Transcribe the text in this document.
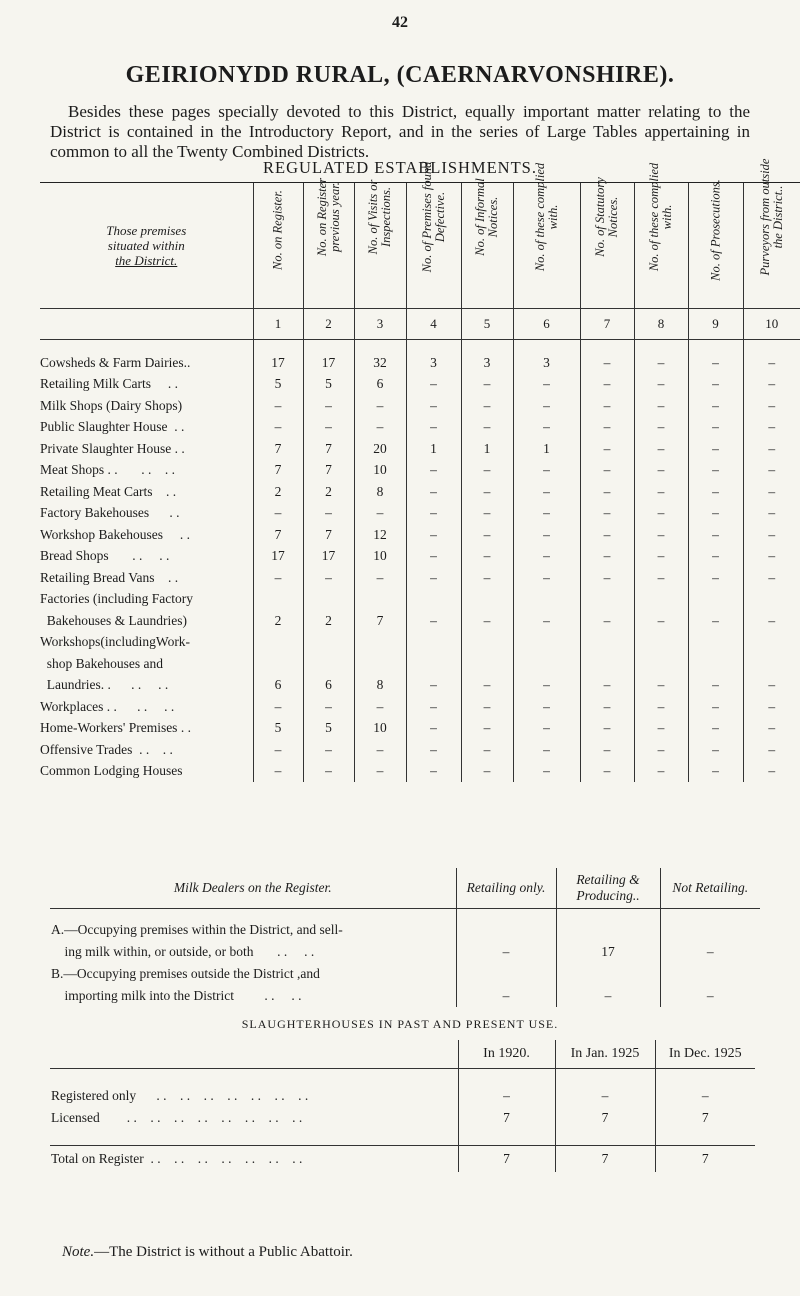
42
GEIRIONYDD RURAL, (CAERNARVONSHIRE).
Besides these pages specially devoted to this District, equally important matter relating to the District is contained in the Introductory Report, and in the series of Large Tables appertaining in common to all the Twenty Combined Districts.
REGULATED ESTABLISHMENTS.
Those premises
situated within
the District.	No. on Register.	No. on Register previous year.	No. of Visits or Inspections.	No. of Premises found Defective.	No. of Informal Notices.	No. of these complied with.	No. of Statutory Notices.	No. of these complied with.	No. of Prosecutions.	Purveyors from outside the District..

	1	2	3	4	5	6	7	8	9	10

Cowsheds & Farm Dairies..	17	17	32	3	3	3	–	–	–	–
Retailing Milk Carts     . .	5	5	6	–	–	–	–	–	–	–
Milk Shops (Dairy Shops)	–	–	–	–	–	–	–	–	–	–
Public Slaughter House  . .	–	–	–	–	–	–	–	–	–	–
Private Slaughter House . .	7	7	20	1	1	1	–	–	–	–
Meat Shops . .       . .    . .	7	7	10	–	–	–	–	–	–	–
Retailing Meat Carts    . .	2	2	8	–	–	–	–	–	–	–
Factory Bakehouses      . .	–	–	–	–	–	–	–	–	–	–
Workshop Bakehouses     . .	7	7	12	–	–	–	–	–	–	–
Bread Shops       . .     . .	17	17	10	–	–	–	–	–	–	–
Retailing Bread Vans    . .	–	–	–	–	–	–	–	–	–	–
Factories (including Factory										
Bakehouses & Laundries)	2	2	7	–	–	–	–	–	–	–
Workshops(includingWork-										
shop Bakehouses and										
Laundries. .      . .     . .	6	6	8	–	–	–	–	–	–	–
Workplaces . .      . .     . .	–	–	–	–	–	–	–	–	–	–
Home-Workers' Premises . .	5	5	10	–	–	–	–	–	–	–
Offensive Trades  . .    . .	–	–	–	–	–	–	–	–	–	–
Common Lodging Houses	–	–	–	–	–	–	–	–	–	–
Milk Dealers on the Register.	Retailing only.	Retailing & Producing..	Not Retailing.

A.—Occupying premises within the District, and sell-			
ing milk within, or outside, or both       . .     . .	–	17	–
B.—Occupying premises outside the District ,and			
importing milk into the District         . .     . .	–	–	–
SLAUGHTERHOUSES IN PAST AND PRESENT USE.
	In 1920.	In Jan. 1925	In Dec. 1925

Registered only      . .    . .    . .    . .    . .    . .    . .	–	–	–
Licensed        . .    . .    . .    . .    . .    . .    . .    . .	7	7	7

Total on Register  . .    . .    . .    . .    . .    . .    . .	7	7	7
Note.—The District is without a Public Abattoir.
